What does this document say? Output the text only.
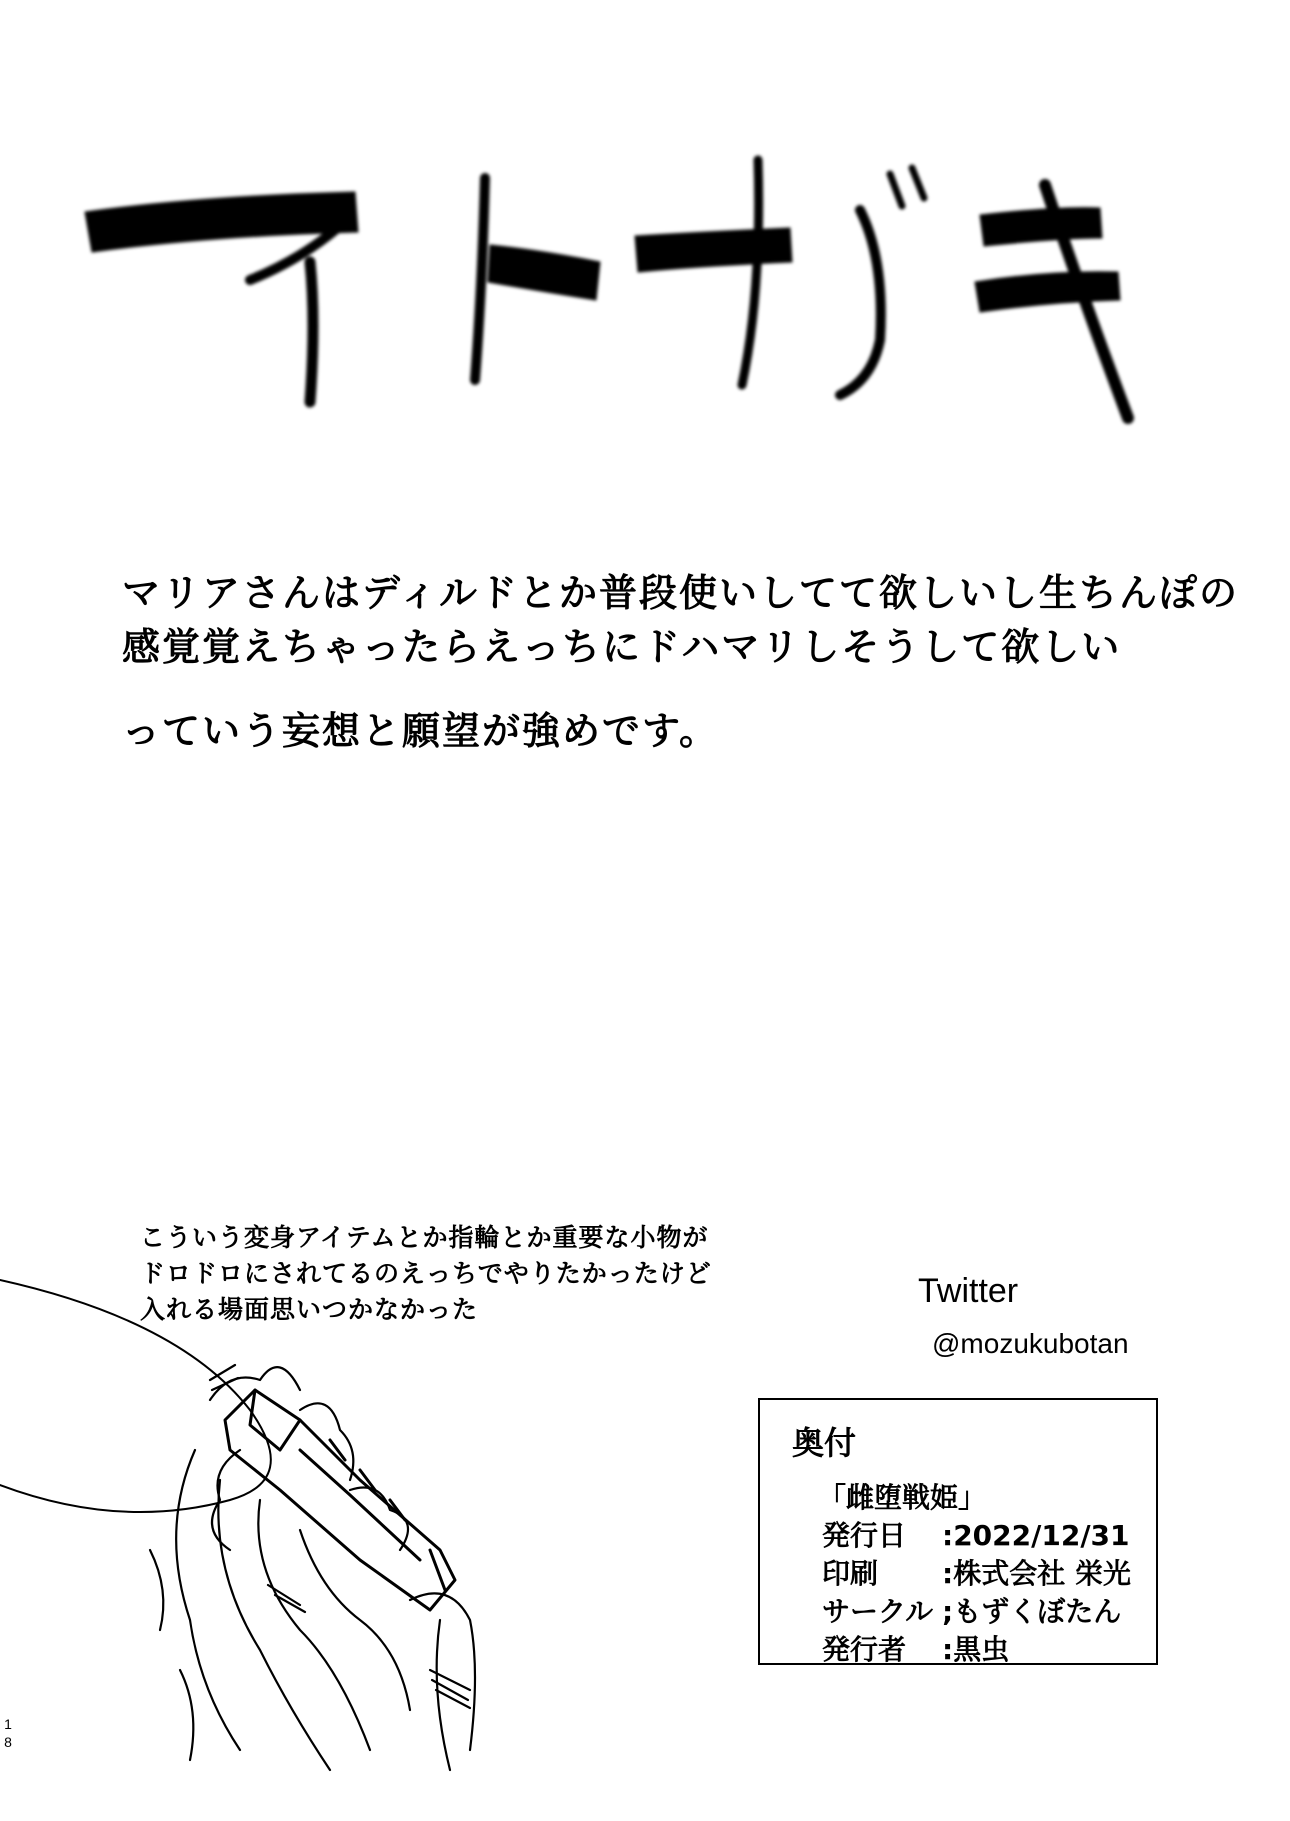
マリアさんはディルドとか普段使いしてて欲しいし生ちんぽの
感覚覚えちゃったらえっちにドハマリしそうして欲しい
っていう妄想と願望が強めです。
こういう変身アイテムとか指輪とか重要な小物が
ドロドロにされてるのえっちでやりたかったけど
入れる場面思いつかなかった	Twitter
@mozukubotan
奥付
「雌堕戦姫」
発行日 :2022/12/31
印刷 :株式会社 栄光
サークル ;もずくぼたん
発行者 :黒虫
1
8
